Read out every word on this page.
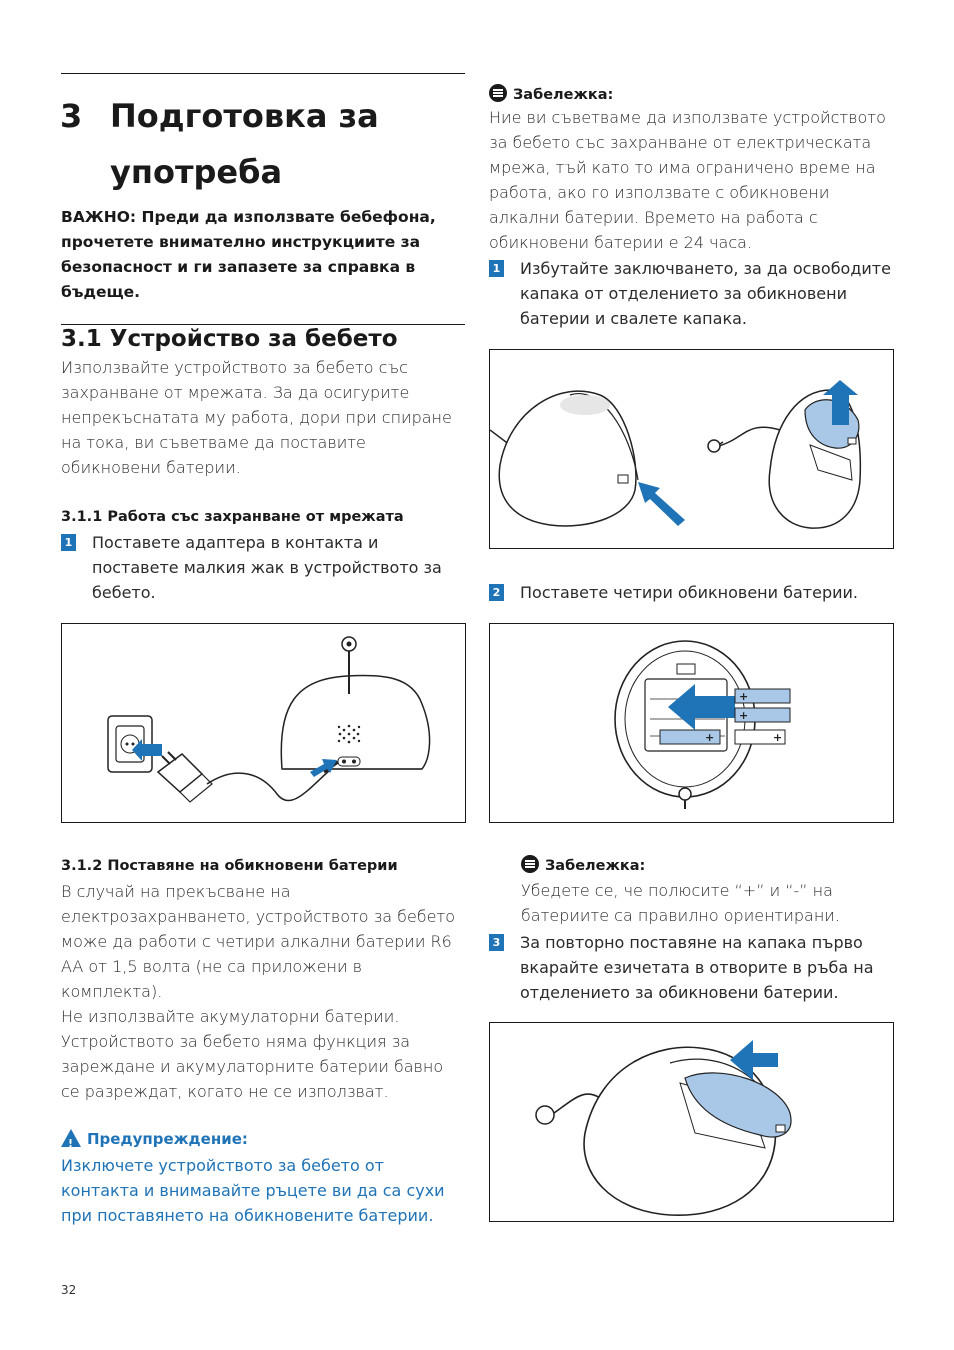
3 Подготовка за употреба
ВАЖНО: Преди да използвате бебефона, прочетете внимателно инструкциите за безопасност и ги запазете за справка в бъдеще.
3.1 Устройство за бебето
Използвайте устройството за бебето със захранване от мрежата. За да осигурите непрекъснатата му работа, дори при спиране на тока, ви съветваме да поставите обикновени батерии.
3.1.1 Работа със захранване от мрежата
1 Поставете адаптера в контакта и поставете малкия жак в устройството за бебето.
3.1.2 Поставяне на обикновени батерии
В случай на прекъсване на електрозахранването, устройството за бебето може да работи с четири алкални батерии R6 AA от 1,5 волта (не са приложени в комплекта).
Не използвайте акумулаторни батерии. Устройството за бебето няма функция за зареждане и акумулаторните батерии бавно се разреждат, когато не се използват.
! Предупреждение:
Изключете устройството за бебето от контакта и внимавайте ръцете ви да са сухи при поставянето на обикновените батерии.
32
Забележка:
Ние ви съветваме да използвате устройството за бебето със захранване от електрическата мрежа, тъй като то има ограничено време на работа, ако го използвате с обикновени алкални батерии. Времето на работа с обикновени батерии е 24 часа.
1 Избутайте заключването, за да освободите капака от отделението за обикновени батерии и свалете капака.
2 Поставете четири обикновени батерии.
+
+
+
+
Забележка:
Убедете се, че полюсите “+” и “-” на батериите са правилно ориентирани.
3 За повторно поставяне на капака първо вкарайте езичетата в отворите в ръба на отделението за обикновени батерии.
